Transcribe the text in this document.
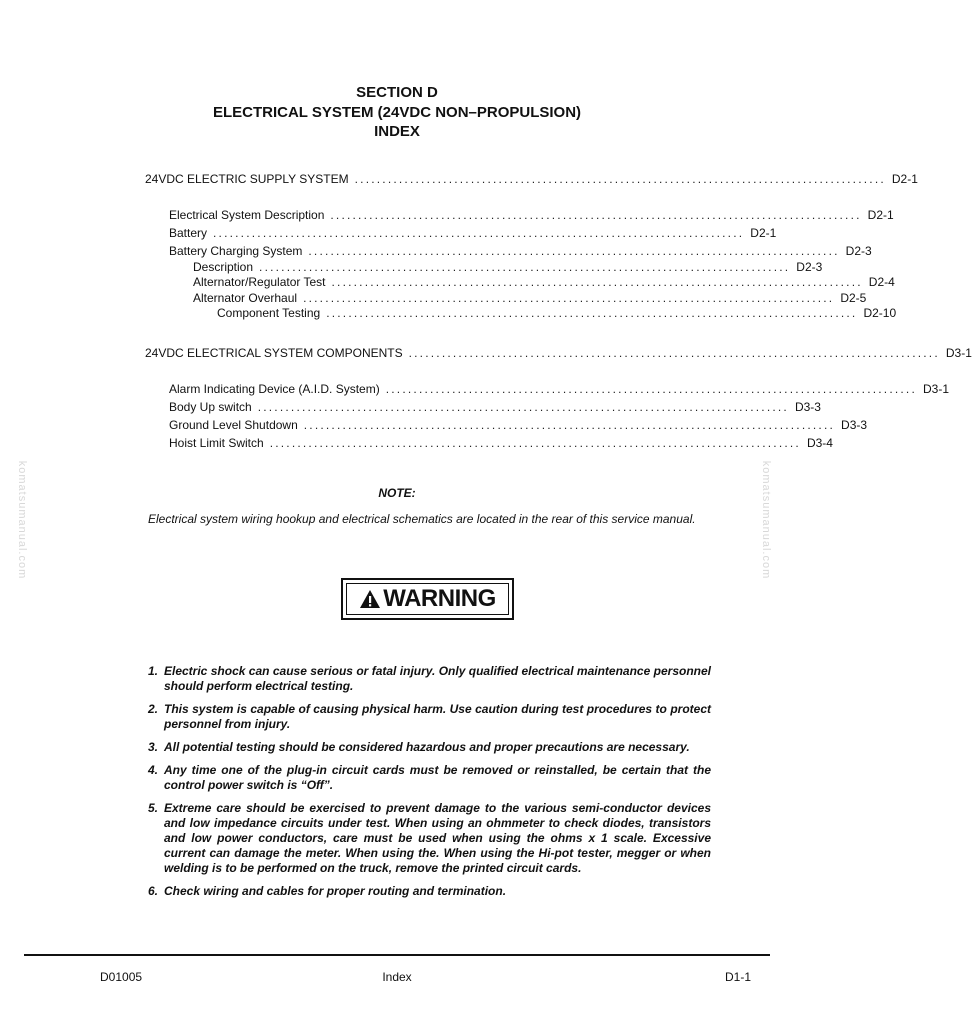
komatsumanual.com	komatsumanual.com
SECTION D
ELECTRICAL SYSTEM (24VDC NON–PROPULSION)
INDEX
24VDC ELECTRIC SUPPLY SYSTEM ................................................................................................ D2-1
Electrical System Description ................................................................................................ D2-1
Battery ................................................................................................ D2-1
Battery Charging System ................................................................................................ D2-3
Description ................................................................................................ D2-3
Alternator/Regulator Test ................................................................................................ D2-4
Alternator Overhaul ................................................................................................ D2-5
Component Testing ................................................................................................ D2-10
24VDC ELECTRICAL SYSTEM COMPONENTS ................................................................................................ D3-1
Alarm Indicating Device (A.I.D. System) ................................................................................................ D3-1
Body Up switch ................................................................................................ D3-3
Ground Level Shutdown ................................................................................................ D3-3
Hoist Limit Switch ................................................................................................ D3-4
NOTE:
Electrical system wiring hookup and electrical schematics are located in the rear of this service manual.
WARNING
1. Electric shock can cause serious or fatal injury. Only qualified electrical maintenance personnel should perform electrical testing.
2. This system is capable of causing physical harm. Use caution during test procedures to protect personnel from injury.
3. All potential testing should be considered hazardous and proper precautions are necessary.
4. Any time one of the plug-in circuit cards must be removed or reinstalled, be certain that the control power switch is “Off”.
5. Extreme care should be exercised to prevent damage to the various semi-conductor devices and low impedance circuits under test. When using an ohmmeter to check diodes, transistors and low power conductors, care must be used when using the ohms x 1 scale. Excessive current can damage the meter. When using the. When using the Hi-pot tester, megger or when welding is to be performed on the truck, remove the printed circuit cards.
6. Check wiring and cables for proper routing and termination.
D01005	Index	D1-1
